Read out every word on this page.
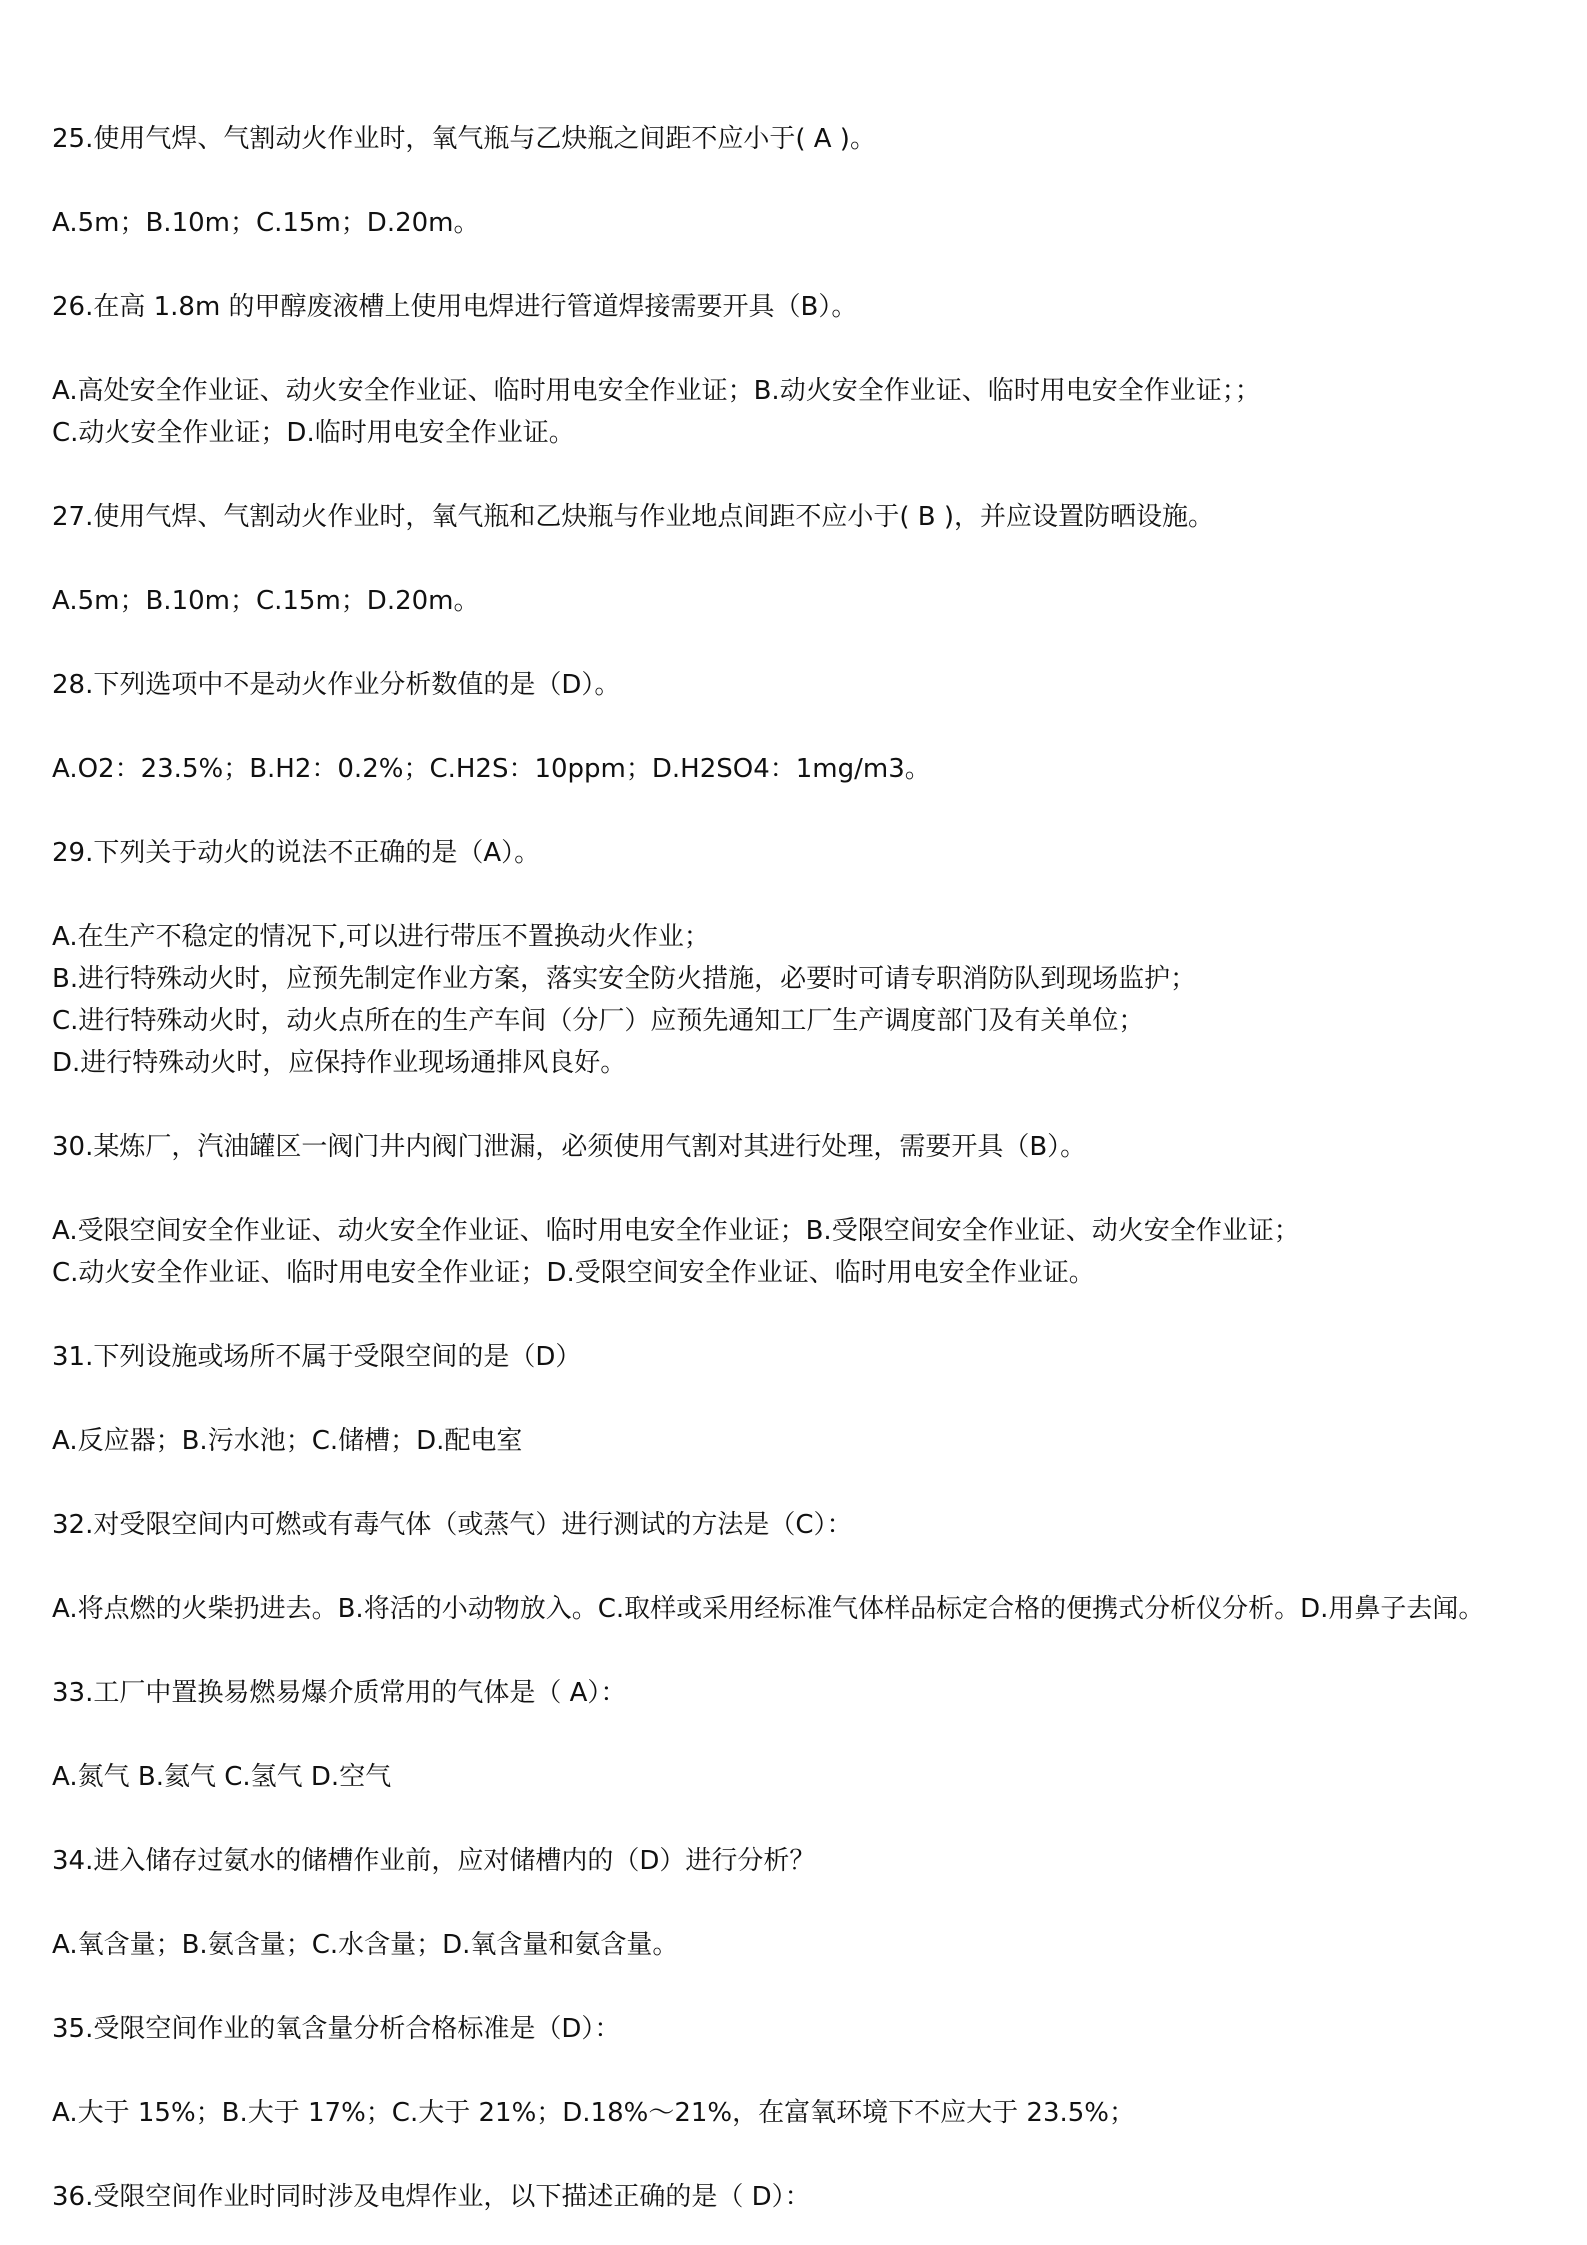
25.使用气焊、气割动火作业时，氧气瓶与乙炔瓶之间距不应小于( A )。
A.5m；B.10m；C.15m；D.20m。
26.在高 1.8m 的甲醇废液槽上使用电焊进行管道焊接需要开具（B）。
A.高处安全作业证、动火安全作业证、临时用电安全作业证；B.动火安全作业证、临时用电安全作业证；；
C.动火安全作业证；D.临时用电安全作业证。
27.使用气焊、气割动火作业时，氧气瓶和乙炔瓶与作业地点间距不应小于( B )，并应设置防晒设施。
A.5m；B.10m；C.15m；D.20m。
28.下列选项中不是动火作业分析数值的是（D）。
A.O2：23.5%；B.H2：0.2%；C.H2S：10ppm；D.H2SO4：1mg/m3。
29.下列关于动火的说法不正确的是（A）。
A.在生产不稳定的情况下,可以进行带压不置换动火作业；
B.进行特殊动火时，应预先制定作业方案，落实安全防火措施，必要时可请专职消防队到现场监护；
C.进行特殊动火时，动火点所在的生产车间（分厂）应预先通知工厂生产调度部门及有关单位；
D.进行特殊动火时，应保持作业现场通排风良好。
30.某炼厂，汽油罐区一阀门井内阀门泄漏，必须使用气割对其进行处理，需要开具（B）。
A.受限空间安全作业证、动火安全作业证、临时用电安全作业证；B.受限空间安全作业证、动火安全作业证；
C.动火安全作业证、临时用电安全作业证；D.受限空间安全作业证、临时用电安全作业证。
31.下列设施或场所不属于受限空间的是（D）
A.反应器；B.污水池；C.储槽；D.配电室
32.对受限空间内可燃或有毒气体（或蒸气）进行测试的方法是（C）：
A.将点燃的火柴扔进去。B.将活的小动物放入。C.取样或采用经标准气体样品标定合格的便携式分析仪分析。D.用鼻子去闻。
33.工厂中置换易燃易爆介质常用的气体是（ A）：
A.氮气 B.氦气 C.氢气 D.空气
34.进入储存过氨水的储槽作业前，应对储槽内的（D）进行分析？
A.氧含量；B.氨含量；C.水含量；D.氧含量和氨含量。
35.受限空间作业的氧含量分析合格标准是（D）：
A.大于 15%；B.大于 17%；C.大于 21%；D.18%～21%，在富氧环境下不应大于 23.5%；
36.受限空间作业时同时涉及电焊作业，以下描述正确的是（ D）：
